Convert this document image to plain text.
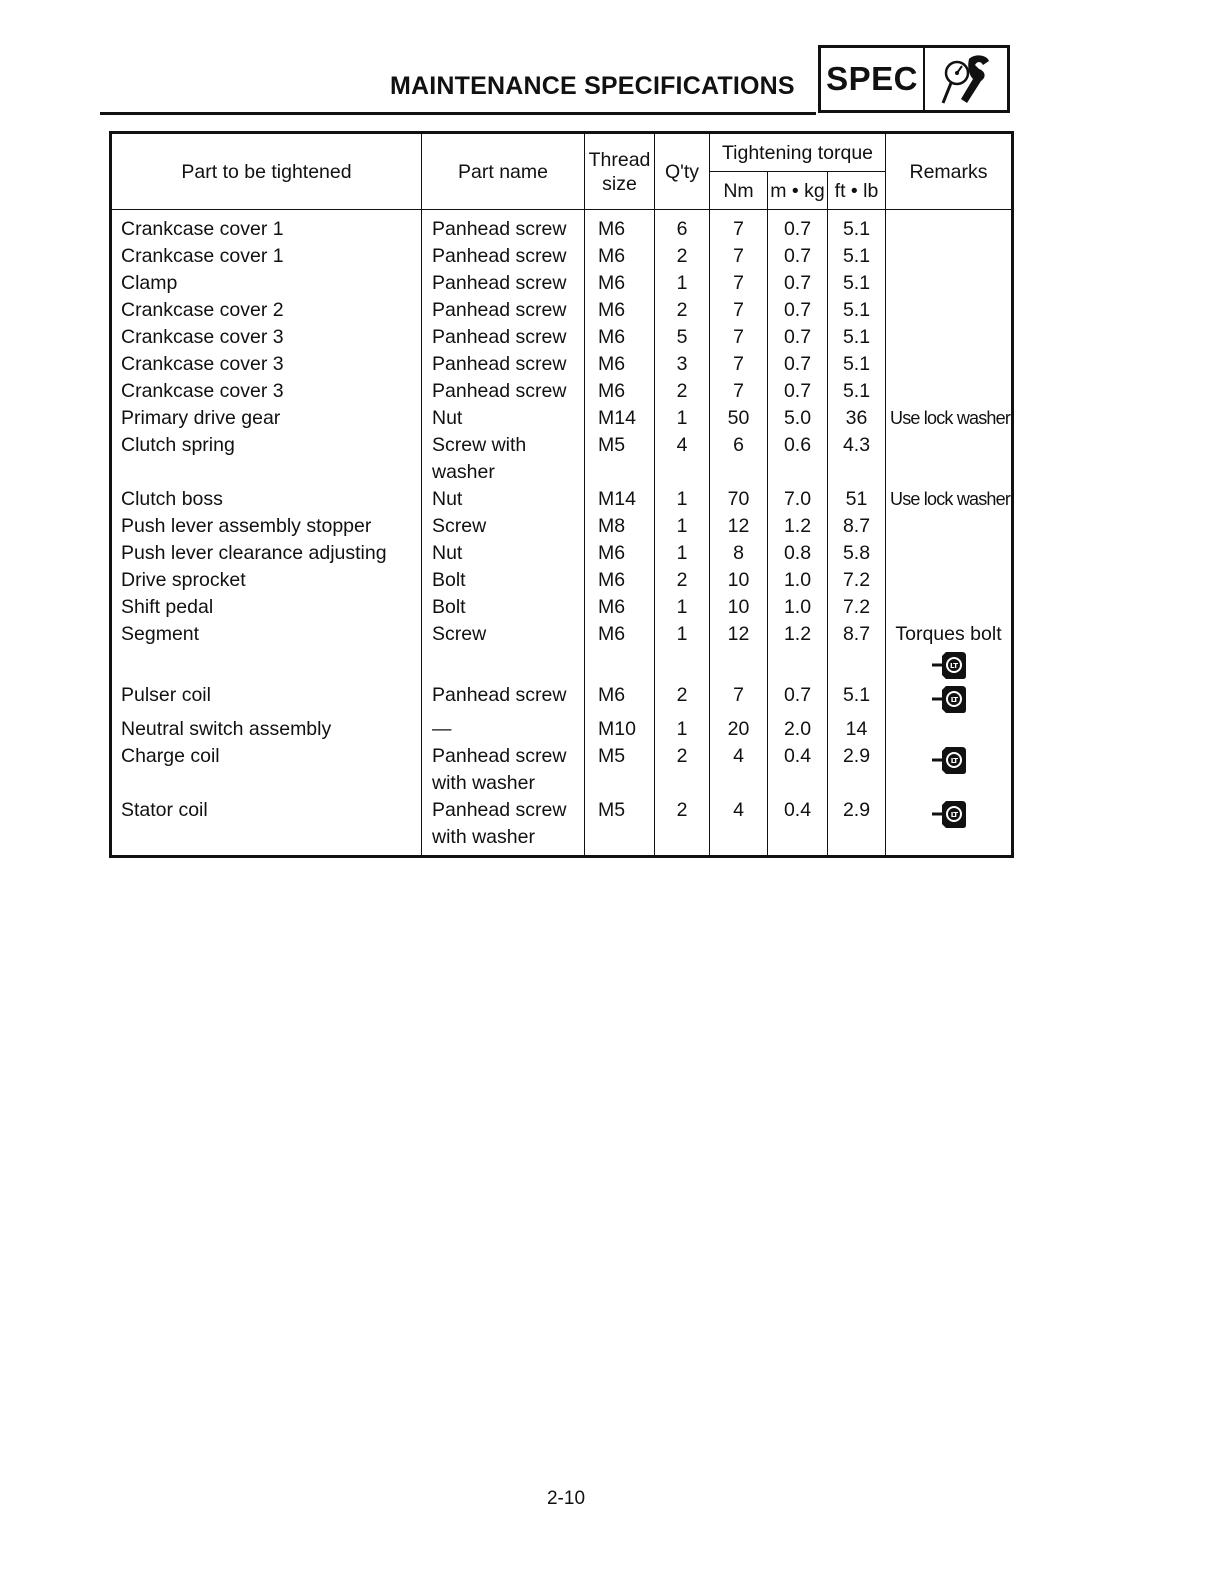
MAINTENANCE SPECIFICATIONS SPEC
Part to be tightened	Part name	Thread
size	Q'ty	Tightening torque			Remarks
				Nm	m • kg	ft • lb	
Crankcase cover 1	Panhead screw	M6	6	7	0.7	5.1	

Crankcase cover 1	Panhead screw	M6	2	7	0.7	5.1	

Clamp	Panhead screw	M6	1	7	0.7	5.1	

Crankcase cover 2	Panhead screw	M6	2	7	0.7	5.1	

Crankcase cover 3	Panhead screw	M6	5	7	0.7	5.1	

Crankcase cover 3	Panhead screw	M6	3	7	0.7	5.1	

Crankcase cover 3	Panhead screw	M6	2	7	0.7	5.1	

Primary drive gear	Nut	M14	1	50	5.0	36	Use lock washer

Clutch spring	Screw with
washer	M5	4	6	0.6	4.3	

Clutch boss	Nut	M14	1	70	7.0	51	Use lock washer

Push lever assembly stopper	Screw	M8	1	12	1.2	8.7	

Push lever clearance adjusting	Nut	M6	1	8	0.8	5.8	

Drive sprocket	Bolt	M6	2	10	1.0	7.2	

Shift pedal	Bolt	M6	1	10	1.0	7.2	

Segment	Screw	M6	1	12	1.2	8.7	Torques bolt
LT

Pulser coil	Panhead screw	M6	2	7	0.7	5.1	LT

Neutral switch assembly	—	M10	1	20	2.0	14	

Charge coil	Panhead screw
with washer	M5	2	4	0.4	2.9	LT

Stator coil	Panhead screw
with washer	M5	2	4	0.4	2.9	LT
2-10
